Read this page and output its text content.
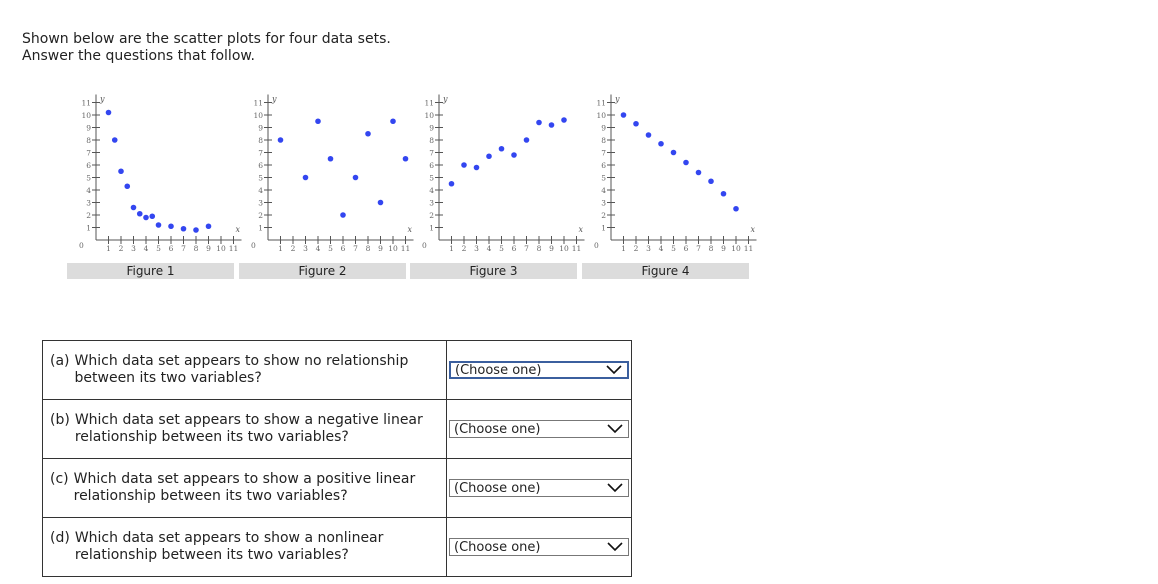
Shown below are the scatter plots for four data sets.
Answer the questions that follow.
1 2 3 4 5 6 7 8 9 10 11
1
2
3
4
5
6
7
8
9
10
11
0
x
y
1 2 3 4 5 6 7 8 9 10 11
1
2
3
4
5
6
7
8
9
10
11
0
x
y
1 2 3 4 5 6 7 8 9 10 11
1
2
3
4
5
6
7
8
9
10
11
0
x
y
1 2 3 4 5 6 7 8 9 10 11
1
2
3
4
5
6
7
8
9
10
11
0
x
y
Figure 1	Figure 2	Figure 3	Figure 4
(a) Which data set appears to show no relationship between its two variables?	(Choose one)

(b) Which data set appears to show a negative linear relationship between its two variables?	(Choose one)

(c) Which data set appears to show a positive linear relationship between its two variables?	(Choose one)

(d) Which data set appears to show a nonlinear relationship between its two variables?	(Choose one)
